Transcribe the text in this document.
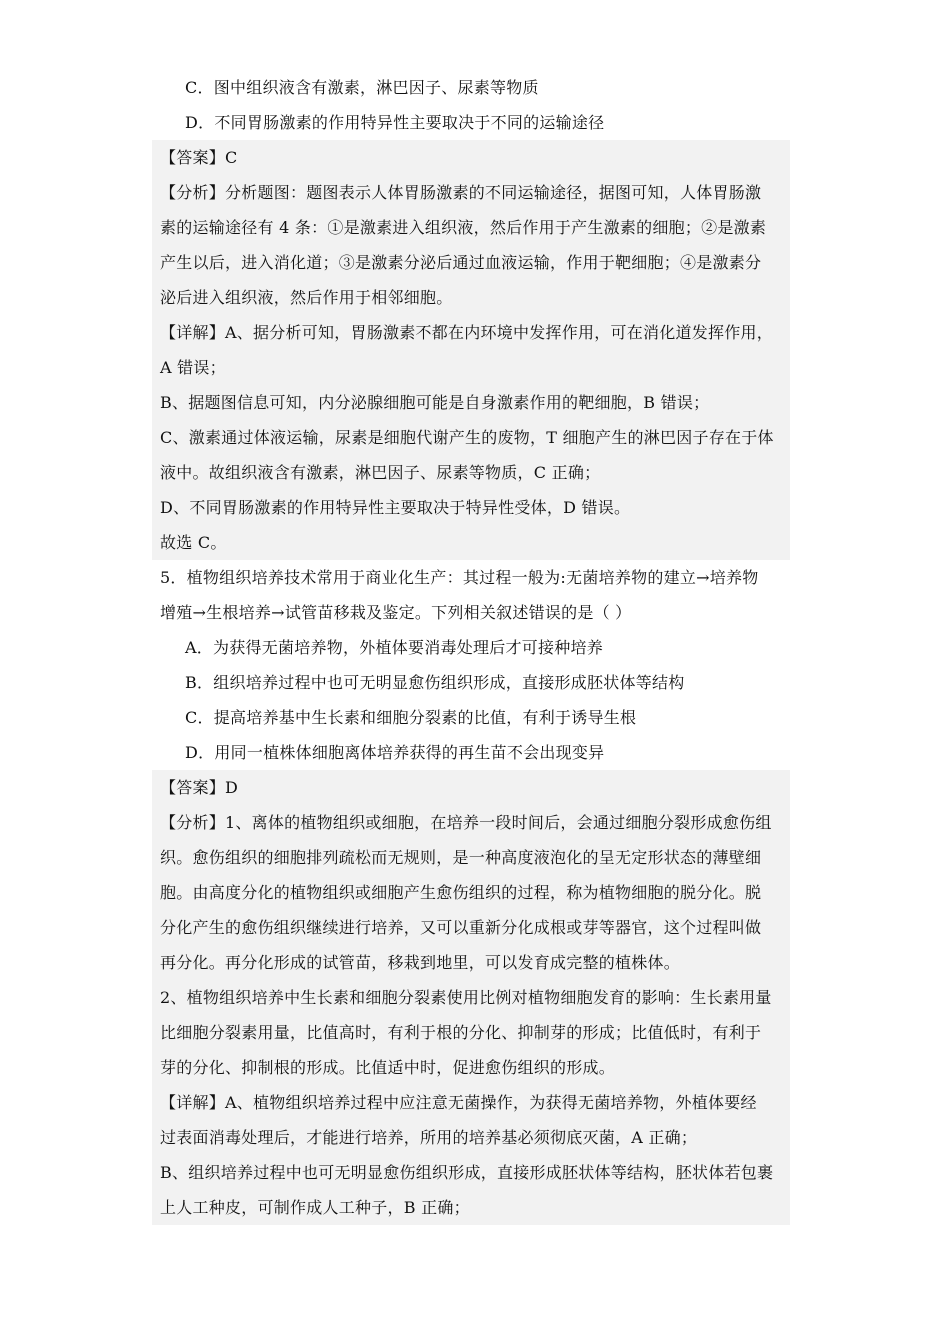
C．图中组织液含有激素，淋巴因子、尿素等物质
D．不同胃肠激素的作用特异性主要取决于不同的运输途径
【答案】C
【分析】分析题图：题图表示人体胃肠激素的不同运输途径，据图可知，人体胃肠激
素的运输途径有 4 条：①是激素进入组织液，然后作用于产生激素的细胞；②是激素
产生以后，进入消化道；③是激素分泌后通过血液运输，作用于靶细胞；④是激素分
泌后进入组织液，然后作用于相邻细胞。
【详解】A、据分析可知，胃肠激素不都在内环境中发挥作用，可在消化道发挥作用，
A 错误；
B、据题图信息可知，内分泌腺细胞可能是自身激素作用的靶细胞，B 错误；
C、激素通过体液运输，尿素是细胞代谢产生的废物，T 细胞产生的淋巴因子存在于体
液中。故组织液含有激素，淋巴因子、尿素等物质，C 正确；
D、不同胃肠激素的作用特异性主要取决于特异性受体，D 错误。
故选 C。
5．植物组织培养技术常用于商业化生产：其过程一般为:无菌培养物的建立→培养物
增殖→生根培养→试管苗移栽及鉴定。下列相关叙述错误的是（ ）
A．为获得无菌培养物，外植体要消毒处理后才可接种培养
B．组织培养过程中也可无明显愈伤组织形成，直接形成胚状体等结构
C．提高培养基中生长素和细胞分裂素的比值，有利于诱导生根
D．用同一植株体细胞离体培养获得的再生苗不会出现变异
【答案】D
【分析】1、离体的植物组织或细胞，在培养一段时间后，会通过细胞分裂形成愈伤组
织。愈伤组织的细胞排列疏松而无规则，是一种高度液泡化的呈无定形状态的薄壁细
胞。由高度分化的植物组织或细胞产生愈伤组织的过程，称为植物细胞的脱分化。脱
分化产生的愈伤组织继续进行培养，又可以重新分化成根或芽等器官，这个过程叫做
再分化。再分化形成的试管苗，移栽到地里，可以发育成完整的植株体。
2、植物组织培养中生长素和细胞分裂素使用比例对植物细胞发育的影响：生长素用量
比细胞分裂素用量，比值高时，有利于根的分化、抑制芽的形成；比值低时，有利于
芽的分化、抑制根的形成。比值适中时，促进愈伤组织的形成。
【详解】A、植物组织培养过程中应注意无菌操作，为获得无菌培养物，外植体要经
过表面消毒处理后，才能进行培养，所用的培养基必须彻底灭菌，A 正确；
B、组织培养过程中也可无明显愈伤组织形成，直接形成胚状体等结构，胚状体若包裹
上人工种皮，可制作成人工种子，B 正确；
